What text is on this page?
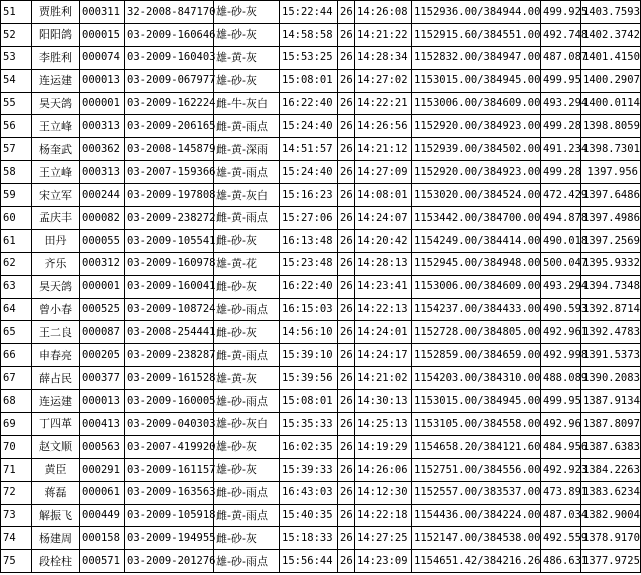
51	贾胜利	000311	32-2008-847170	雄-砂-灰	15:22:44	26	14:26:08	1152936.00/384944.00	499.925	1403.7593
52	阳阳鸽	000015	03-2009-160646	雄-砂-灰	14:58:58	26	14:21:22	1152915.60/384551.00	492.748	1402.3742
53	李胜利	000074	03-2009-160403	雄-黄-灰	15:53:25	26	14:28:34	1152832.00/384947.00	487.087	1401.4150
54	连运建	000013	03-2009-067977	雄-砂-灰	15:08:01	26	14:27:02	1153015.00/384945.00	499.95	1400.2907
55	昊天鸽	000001	03-2009-162224	雌-牛-灰白	16:22:40	26	14:22:21	1153006.00/384609.00	493.294	1400.0114
56	王立峰	000313	03-2009-206165	雌-黄-雨点	15:24:40	26	14:26:56	1152920.00/384923.00	499.28	1398.8059
57	杨奎武	000362	03-2008-145879	雌-黄-深雨	14:51:57	26	14:21:12	1152939.00/384502.00	491.234	1398.7301
58	王立峰	000313	03-2007-159366	雄-黄-雨点	15:24:40	26	14:27:09	1152920.00/384923.00	499.28	1397.956
59	宋立军	000244	03-2009-197808	雄-黄-灰白	15:16:23	26	14:08:01	1153020.00/384524.00	472.429	1397.6486
60	孟庆丰	000082	03-2009-238272	雌-黄-雨点	15:27:06	26	14:24:07	1153442.00/384700.00	494.878	1397.4986
61	田丹	000055	03-2009-105541	雌-砂-灰	16:13:48	26	14:20:42	1154249.00/384414.00	490.018	1397.2569
62	齐乐	000312	03-2009-160978	雄-黄-花	15:23:48	26	14:28:13	1152945.00/384948.00	500.047	1395.9332
63	昊天鸽	000001	03-2009-160041	雌-砂-灰	16:22:40	26	14:23:41	1153006.00/384609.00	493.294	1394.7348
64	曾小春	000525	03-2009-108724	雄-砂-雨点	16:15:03	26	14:22:13	1154237.00/384433.00	490.593	1392.8714
65	王二良	000087	03-2008-254441	雌-砂-灰	14:56:10	26	14:24:01	1152728.00/384805.00	492.961	1392.4783
66	申春亮	000205	03-2009-238287	雌-黄-雨点	15:39:10	26	14:24:17	1152859.00/384659.00	492.998	1391.5373
67	薛占民	000377	03-2009-161528	雄-黄-灰	15:39:56	26	14:21:02	1154203.00/384310.00	488.089	1390.2083
68	连运建	000013	03-2009-160005	雄-砂-雨点	15:08:01	26	14:30:13	1153015.00/384945.00	499.95	1387.9134
69	丁四革	000413	03-2009-040303	雄-砂-灰白	15:35:33	26	14:25:13	1153105.00/384558.00	492.96	1387.8097
70	赵文顺	000563	03-2007-419920	雄-砂-灰	16:02:35	26	14:19:29	1154658.20/384121.60	484.956	1387.6383
71	黄臣	000291	03-2009-161157	雄-砂-灰	15:39:33	26	14:26:06	1152751.00/384556.00	492.923	1384.2263
72	蒋磊	000061	03-2009-163563	雌-砂-雨点	16:43:03	26	14:12:30	1152557.00/383537.00	473.891	1383.6234
73	解振飞	000449	03-2009-105918	雌-黄-雨点	15:40:35	26	14:22:18	1154436.00/384224.00	487.034	1382.9004
74	杨建周	000158	03-2009-194955	雌-砂-灰	15:18:33	26	14:27:25	1152147.00/384538.00	492.559	1378.9170
75	段栓柱	000571	03-2009-201276	雄-砂-雨点	15:56:44	26	14:23:09	1154651.42/384216.26	486.631	1377.9725
